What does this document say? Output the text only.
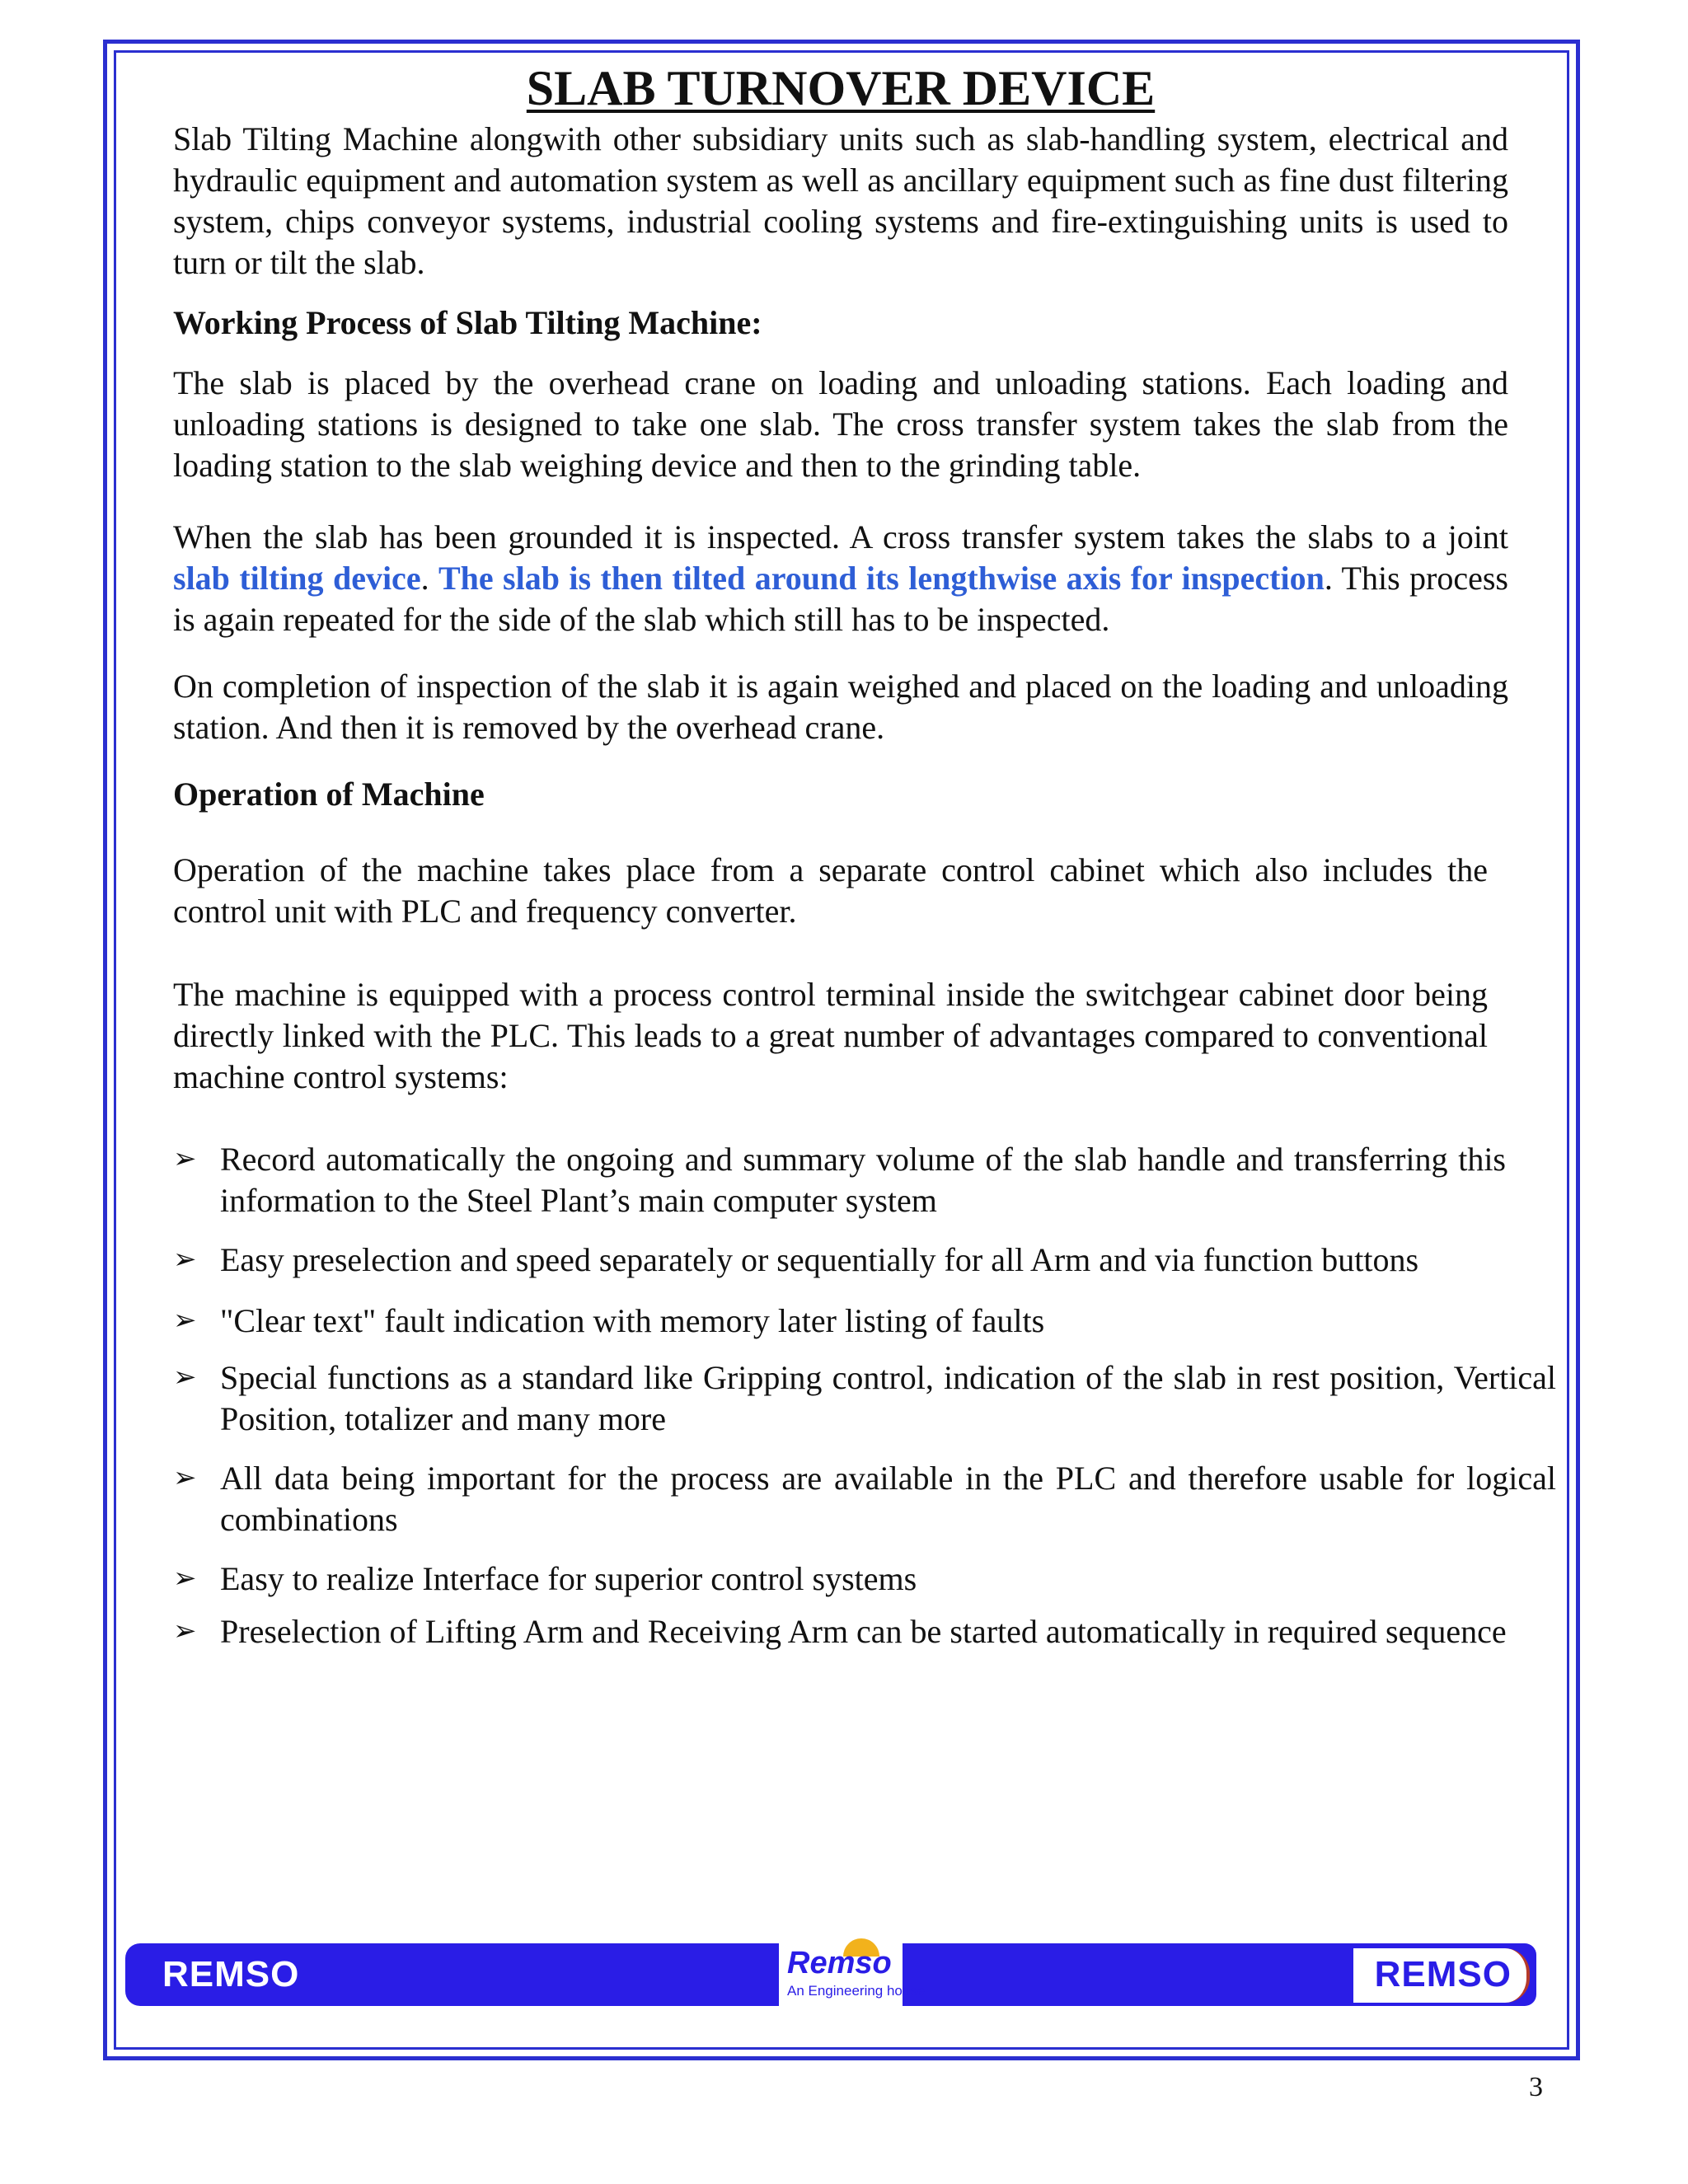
SLAB TURNOVER DEVICE

Slab Tilting Machine alongwith other subsidiary units such as slab-handling system, electrical and hydraulic equipment and automation system as well as ancillary equipment such as fine dust filtering system, chips conveyor systems, industrial cooling systems and fire-extinguishing units is used to turn or tilt the slab.

Working Process of Slab Tilting Machine:

The slab is placed by the overhead crane on loading and unloading stations. Each loading and unloading stations is designed to take one slab. The cross transfer system takes the slab from the loading station to the slab weighing device and then to the grinding table.

When the slab has been grounded it is inspected. A cross transfer system takes the slabs to a joint slab tilting device. The slab is then tilted around its lengthwise axis for inspection. This process is again repeated for the side of the slab which still has to be inspected.

On completion of inspection of the slab it is again weighed and placed on the loading and unloading station. And then it is removed by the overhead crane.

Operation of Machine

Operation of the machine takes place from a separate control cabinet which also includes the control unit with PLC and frequency converter.

The machine is equipped with a process control terminal inside the switchgear cabinet door being directly linked with the PLC. This leads to a great number of advantages compared to conventional machine control systems:

➢ Record automatically the ongoing and summary volume of the slab handle and transferring this information to the Steel Plant’s main computer system
➢ Easy preselection and speed separately or sequentially for all Arm and via function buttons
➢ "Clear text" fault indication with memory later listing of faults
➢ Special functions as a standard like Gripping control, indication of the slab in rest position, Vertical Position, totalizer and many more
➢ All data being important for the process are available in the PLC and therefore usable for logical combinations
➢ Easy to realize Interface for superior control systems
➢ Preselection of Lifting Arm and Receiving Arm can be started automatically in required sequence
REMSO	REMSO
Remso
An Engineering house
3
